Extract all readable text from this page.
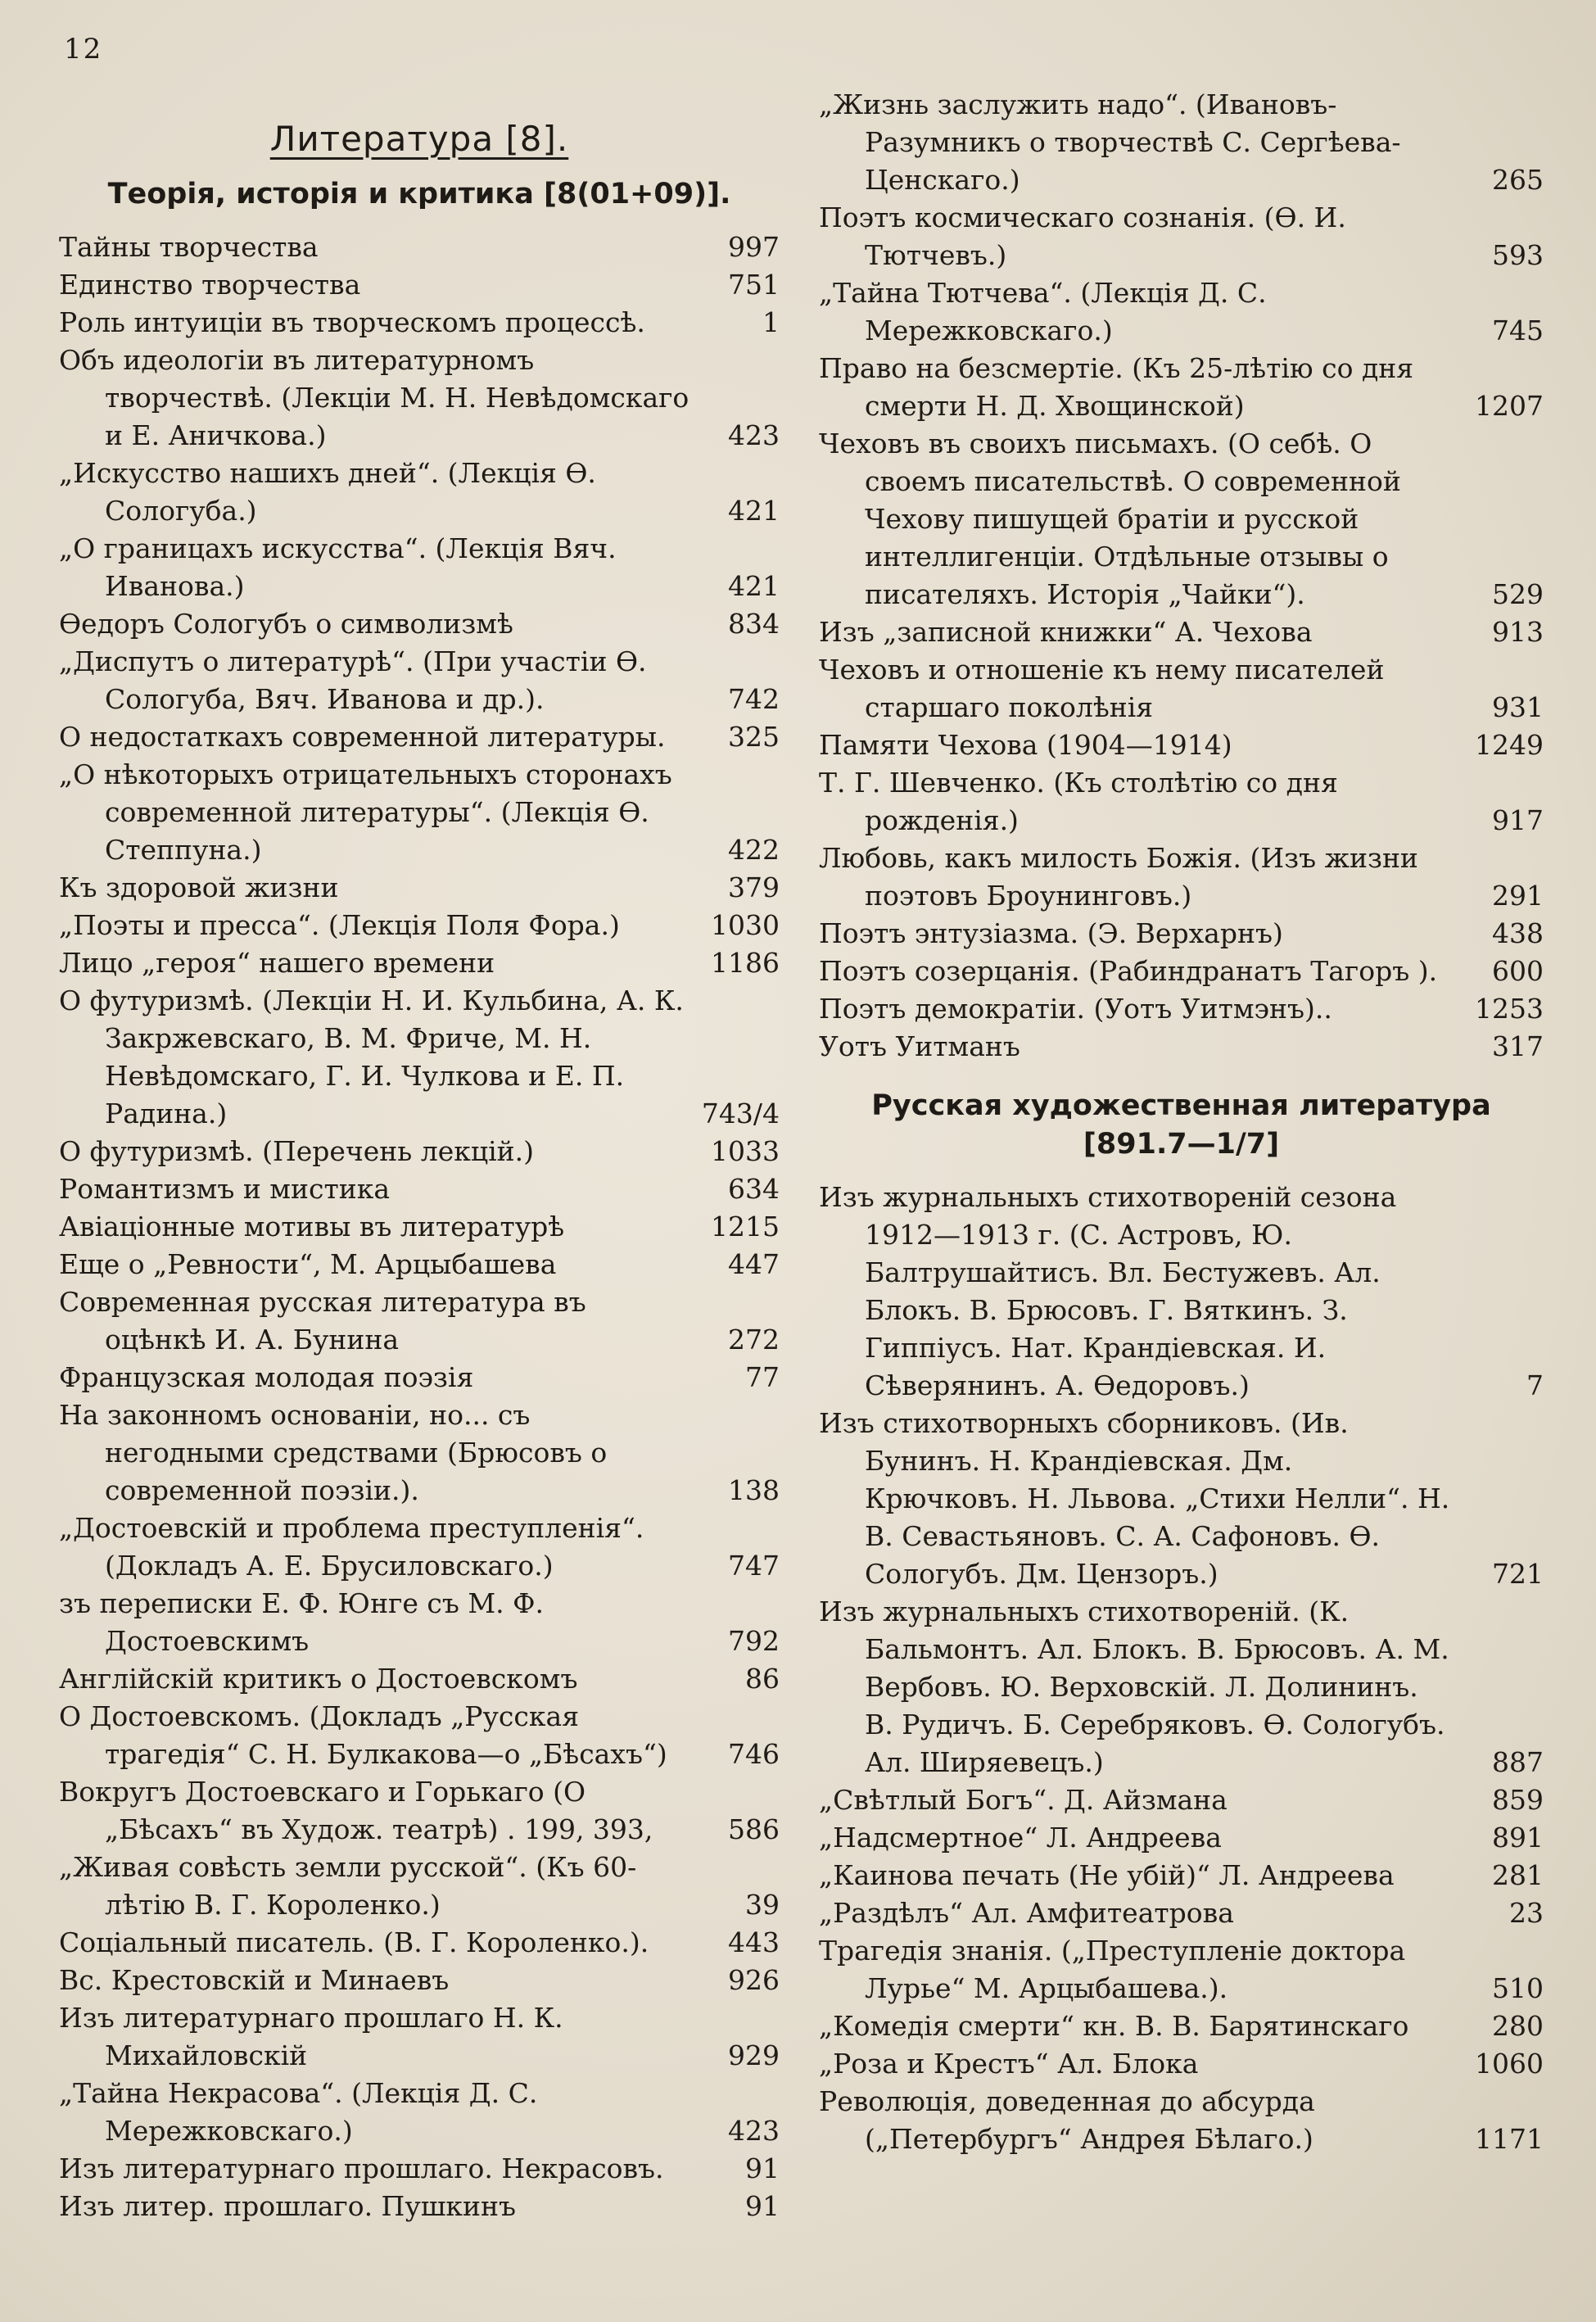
12
Литература [8].
Теорія, исторія и критика [8(01+09)].
Тайны творчества	997
Единство творчества	751
Роль интуиціи въ творческомъ процессѣ.	1
Объ идеологіи въ литературномъ творчествѣ. (Лекціи М. Н. Невѣдомскаго и Е. Аничкова.)	423
„Искусство нашихъ дней“. (Лекція Ѳ. Сологуба.)	421
„О границахъ искусства“. (Лекція Вяч. Иванова.)	421
Ѳедоръ Сологубъ о символизмѣ	834
„Диспутъ о литературѣ“. (При участіи Ѳ. Сологуба, Вяч. Иванова и др.).	742
О недостаткахъ современной литературы.	325
„О нѣкоторыхъ отрицательныхъ сторонахъ современной литературы“. (Лекція Ѳ. Степпуна.)	422
Къ здоровой жизни	379
„Поэты и пресса“. (Лекція Поля Фора.)	1030
Лицо „героя“ нашего времени	1186
О футуризмѣ. (Лекціи Н. И. Кульбина, А. К. Закржевскаго, В. М. Фриче, М. Н. Невѣдомскаго, Г. И. Чулкова и Е. П. Радина.)	743/4
О футуризмѣ. (Перечень лекцій.)	1033
Романтизмъ и мистика	634
Авіаціонные мотивы въ литературѣ	1215
Еще о „Ревности“, М. Арцыбашева	447
Современная русская литература въ оцѣнкѣ И. А. Бунина	272
Французская молодая поэзія	77
На законномъ основаніи, но... съ негодными средствами (Брюсовъ о современной поэзіи.).	138
„Достоевскій и проблема преступленія“. (Докладъ А. Е. Брусиловскаго.)	747
зъ переписки Е. Ф. Юнге съ М. Ф. Достоевскимъ	792
Англійскій критикъ о Достоевскомъ	86
О Достоевскомъ. (Докладъ „Русская трагедія“ С. Н. Булкакова—о „Бѣсахъ“)	746
Вокругъ Достоевскаго и Горькаго (О „Бѣсахъ“ въ Худож. театрѣ) . 199, 393,	586
„Живая совѣсть земли русской“. (Къ 60-лѣтію В. Г. Короленко.)	39
Соціальный писатель. (В. Г. Короленко.).	443
Вс. Крестовскій и Минаевъ	926
Изъ литературнаго прошлаго Н. К. Михайловскій	929
„Тайна Некрасова“. (Лекція Д. С. Мережковскаго.)	423
Изъ литературнаго прошлаго. Некрасовъ.	91
Изъ литер. прошлаго. Пушкинъ	91
„Жизнь заслужить надо“. (Ивановъ-Разумникъ о творчествѣ С. Сергѣева-Ценскаго.)	265
Поэтъ космическаго сознанія. (Ѳ. И. Тютчевъ.)	593
„Тайна Тютчева“. (Лекція Д. С. Мережковскаго.)	745
Право на безсмертіе. (Къ 25-лѣтію со дня смерти Н. Д. Хвощинской)	1207
Чеховъ въ своихъ письмахъ. (О себѣ. О своемъ писательствѣ. О современной Чехову пишущей братіи и русской интеллигенціи. Отдѣльные отзывы о писателяхъ. Исторія „Чайки“).	529
Изъ „записной книжки“ А. Чехова	913
Чеховъ и отношеніе къ нему писателей старшаго поколѣнія	931
Памяти Чехова (1904—1914)	1249
Т. Г. Шевченко. (Къ столѣтію со дня рожденія.)	917
Любовь, какъ милость Божія. (Изъ жизни поэтовъ Броунинговъ.)	291
Поэтъ энтузіазма. (Э. Верхарнъ)	438
Поэтъ созерцанія. (Рабиндранатъ Тагоръ ).	600
Поэтъ демократіи. (Уотъ Уитмэнъ)..	1253
Уотъ Уитманъ	317
Русская художественная литература
[891.7—1/7]
Изъ журнальныхъ стихотвореній сезона 1912—1913 г. (С. Астровъ, Ю. Балтрушайтисъ. Вл. Бестужевъ. Ал. Блокъ. В. Брюсовъ. Г. Вяткинъ. З. Гиппіусъ. Нат. Крандіевская. И. Сѣверянинъ. А. Ѳедоровъ.)	7
Изъ стихотворныхъ сборниковъ. (Ив. Бунинъ. Н. Крандіевская. Дм. Крючковъ. Н. Львова. „Стихи Нелли“. Н. В. Севастьяновъ. С. А. Сафоновъ. Ѳ. Сологубъ. Дм. Цензоръ.)	721
Изъ журнальныхъ стихотвореній. (К. Бальмонтъ. Ал. Блокъ. В. Брюсовъ. А. М. Вербовъ. Ю. Верховскій. Л. Долининъ. В. Рудичъ. Б. Серебряковъ. Ѳ. Сологубъ. Ал. Ширяевецъ.)	887
„Свѣтлый Богъ“. Д. Айзмана	859
„Надсмертное“ Л. Андреева	891
„Каинова печать (Не убій)“ Л. Андреева	281
„Раздѣлъ“ Ал. Амфитеатрова	23
Трагедія знанія. („Преступленіе доктора Лурье“ М. Арцыбашева.).	510
„Комедія смерти“ кн. В. В. Барятинскаго	280
„Роза и Крестъ“ Ал. Блока	1060
Революція, доведенная до абсурда („Петербургъ“ Андрея Бѣлаго.)	1171
